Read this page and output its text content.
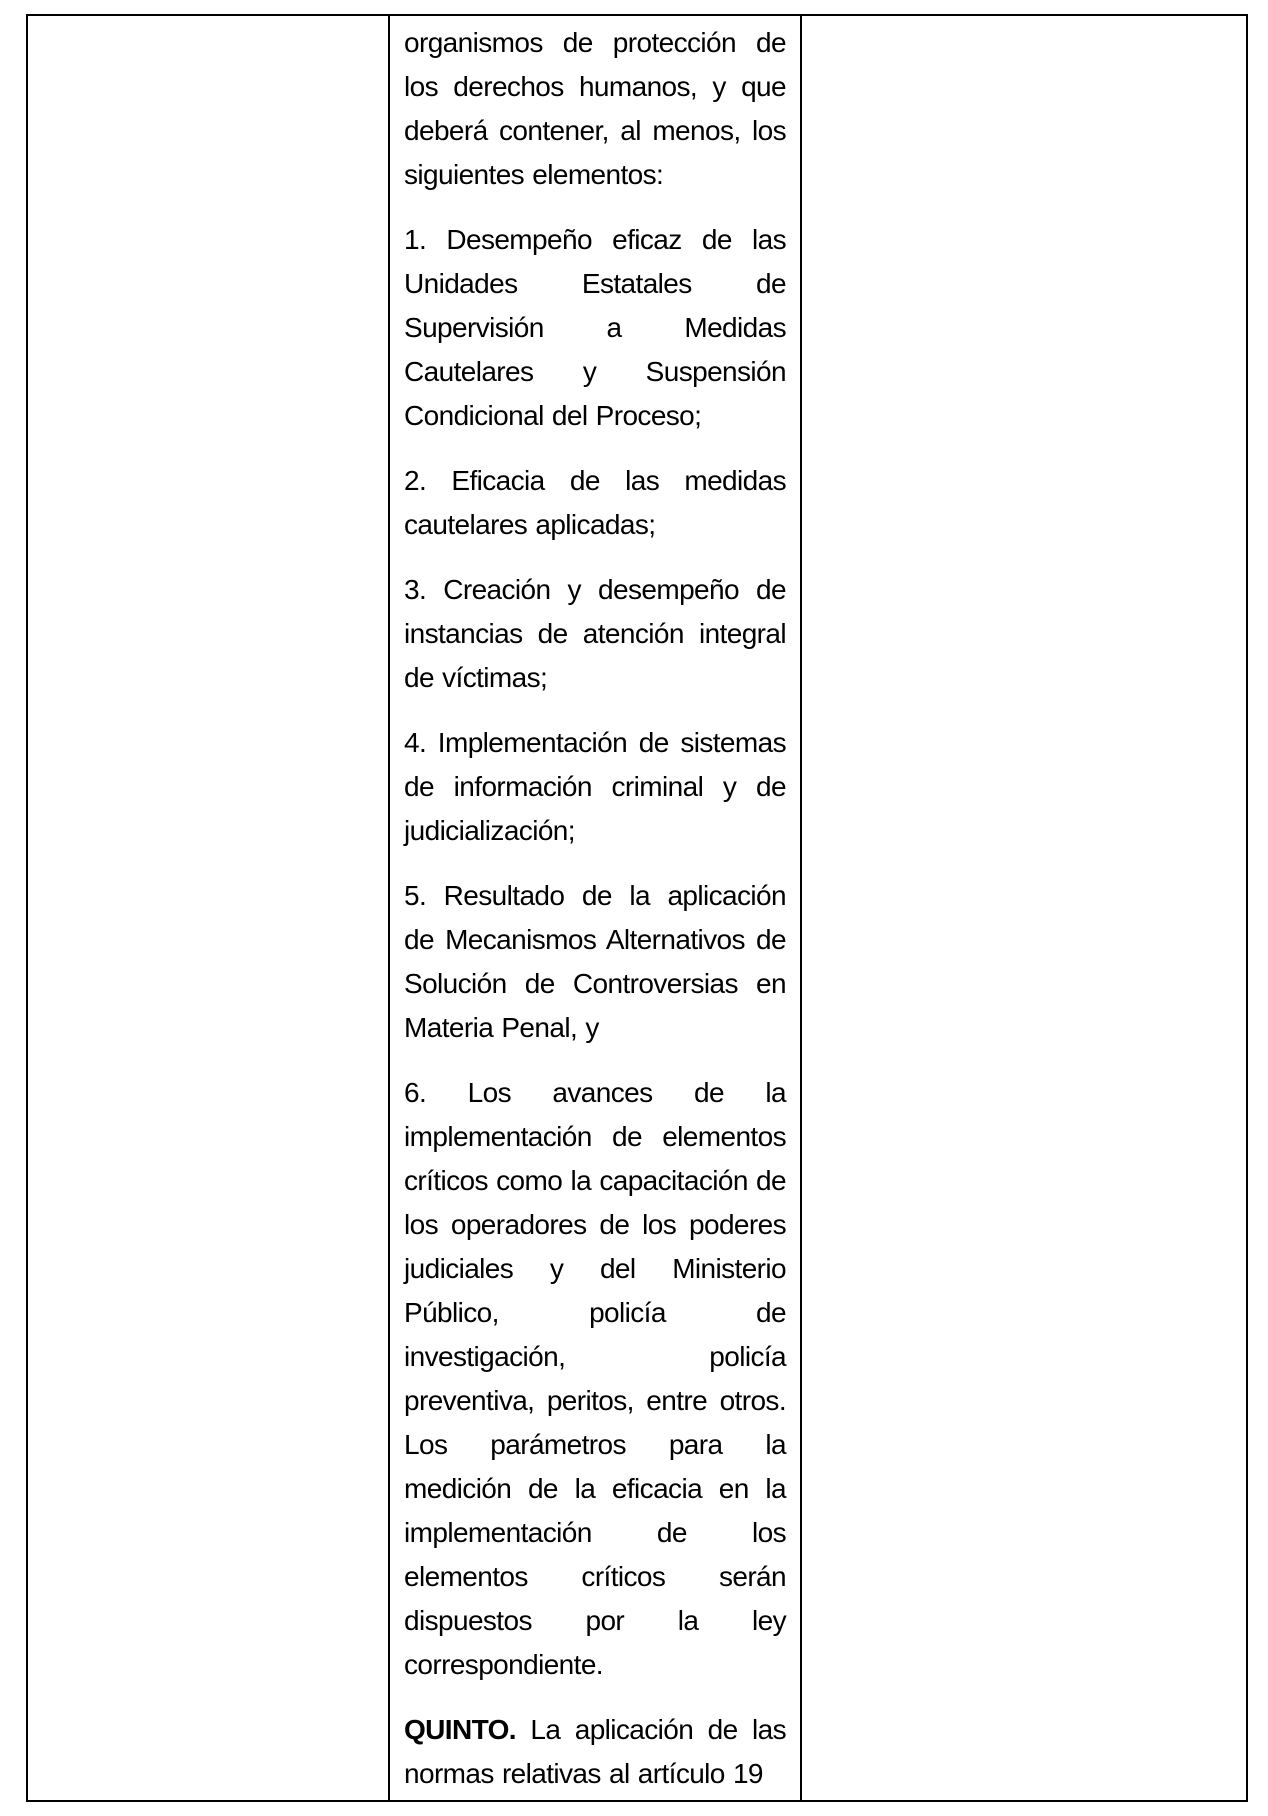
organismos de protección de los derechos humanos, y que deberá contener, al menos, los siguientes elementos:

1. Desempeño eficaz de las Unidades Estatales de Supervisión a Medidas Cautelares y Suspensión Condicional del Proceso;

2. Eficacia de las medidas cautelares aplicadas;

3. Creación y desempeño de instancias de atención integral de víctimas;

4. Implementación de sistemas de información criminal y de judicialización;

5. Resultado de la aplicación de Mecanismos Alternativos de Solución de Controversias en Materia Penal, y

6. Los avances de la implementación de elementos críticos como la capacitación de los operadores de los poderes judiciales y del Ministerio Público, policía de investigación, policía preventiva, peritos, entre otros. Los parámetros para la medición de la eficacia en la implementación de los elementos críticos serán dispuestos por la ley correspondiente.

QUINTO. La aplicación de las normas relativas al artículo 19
